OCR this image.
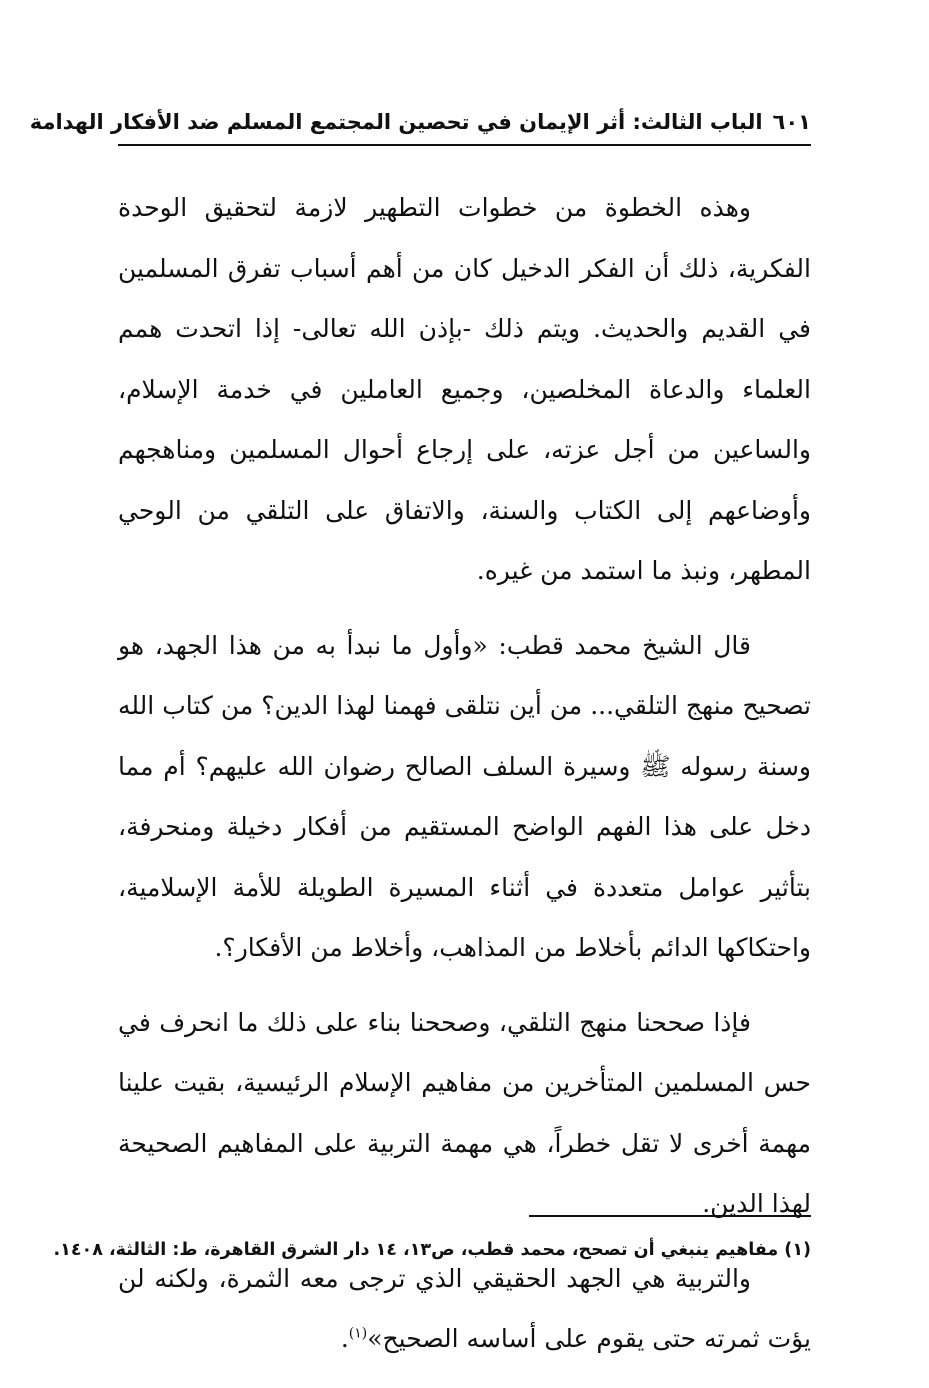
٦٠١
الباب الثالث: أثر الإيمان في تحصين المجتمع المسلم ضد الأفكار الهدامة

وهذه الخطوة من خطوات التطهير لازمة لتحقيق الوحدة الفكرية، ذلك أن الفكر الدخيل كان من أهم أسباب تفرق المسلمين في القديم والحديث. ويتم ذلك -بإذن الله تعالى- إذا اتحدت همم العلماء والدعاة المخلصين، وجميع العاملين في خدمة الإسلام، والساعين من أجل عزته، على إرجاع أحوال المسلمين ومناهجهم وأوضاعهم إلى الكتاب والسنة، والاتفاق على التلقي من الوحي المطهر، ونبذ ما استمد من غيره.

قال الشيخ محمد قطب: «وأول ما نبدأ به من هذا الجهد، هو تصحيح منهج التلقي... من أين نتلقى فهمنا لهذا الدين؟ من كتاب الله وسنة رسوله ﷺ وسيرة السلف الصالح رضوان الله عليهم؟ أم مما دخل على هذا الفهم الواضح المستقيم من أفكار دخيلة ومنحرفة، بتأثير عوامل متعددة في أثناء المسيرة الطويلة للأمة الإسلامية، واحتكاكها الدائم بأخلاط من المذاهب، وأخلاط من الأفكار؟.

فإذا صححنا منهج التلقي، وصححنا بناء على ذلك ما انحرف في حس المسلمين المتأخرين من مفاهيم الإسلام الرئيسية، بقيت علينا مهمة أخرى لا تقل خطراً، هي مهمة التربية على المفاهيم الصحيحة لهذا الدين.

والتربية هي الجهد الحقيقي الذي ترجى معه الثمرة، ولكنه لن يؤت ثمرته حتى يقوم على أساسه الصحيح»$^{(١)}$.

(١) مفاهيم ينبغي أن تصحح، محمد قطب، ص١٣، ١٤ دار الشرق القاهرة، ط: الثالثة، ١٤٠٨.
